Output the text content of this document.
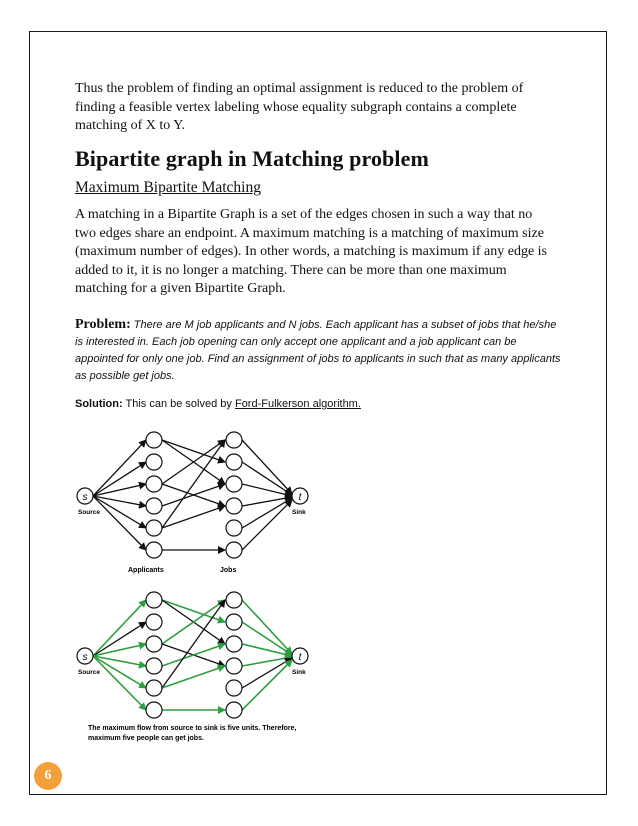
Thus the problem of finding an optimal assignment is reduced to the problem of finding a feasible vertex labeling whose equality subgraph contains a complete matching of X to Y.

Bipartite graph in Matching problem
Maximum Bipartite Matching

A matching in a Bipartite Graph is a set of the edges chosen in such a way that no two edges share an endpoint. A maximum matching is a matching of maximum size (maximum number of edges). In other words, a matching is maximum if any edge is added to it, it is no longer a matching. There can be more than one maximum matching for a given Bipartite Graph.

Problem: There are M job applicants and N jobs. Each applicant has a subset of jobs that he/she is interested in. Each job opening can only accept one applicant and a job applicant can be appointed for only one job. Find an assignment of jobs to applicants in such that as many applicants as possible get jobs.

Solution: This can be solved by Ford-Fulkerson algorithm.

s
Source
t
Sink
Applicants	Jobs
s
Source
t
Sink
The maximum flow from source to sink is five units. Therefore,
maximum five people can get jobs.
6
